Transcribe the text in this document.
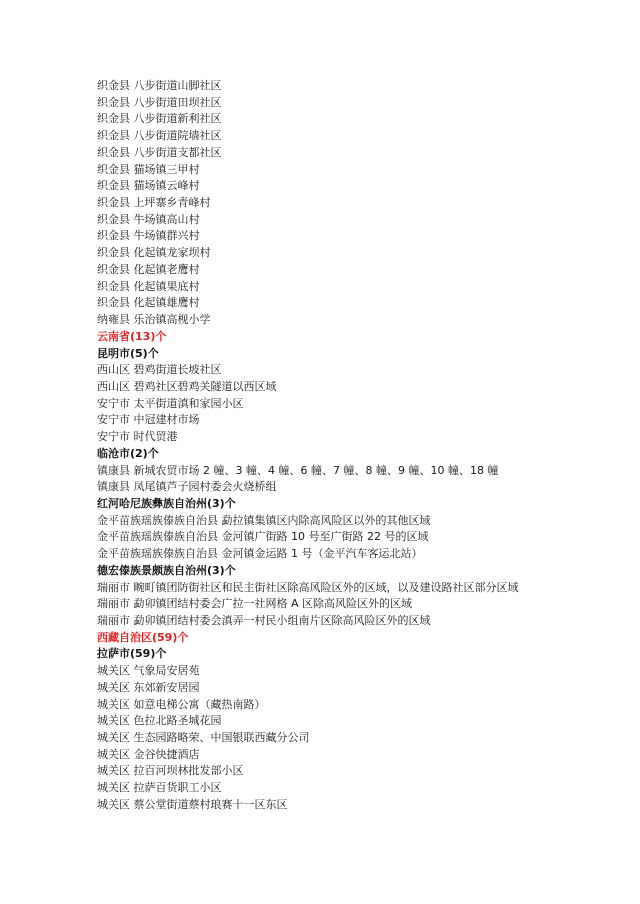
织金县 八步街道山脚社区
织金县 八步街道田坝社区
织金县 八步街道新利社区
织金县 八步街道院墙社区
织金县 八步街道支都社区
织金县 猫场镇三甲村
织金县 猫场镇云峰村
织金县 上坪寨乡青峰村
织金县 牛场镇高山村
织金县 牛场镇群兴村
织金县 化起镇龙家坝村
织金县 化起镇老鹰村
织金县 化起镇果底村
织金县 化起镇雄鹰村
纳雍县 乐治镇高枧小学
云南省(13)个
昆明市(5)个
西山区 碧鸡街道长坡社区
西山区 碧鸡社区碧鸡关隧道以西区域
安宁市 太平街道滇和家园小区
安宁市 中冠建材市场
安宁市 时代贸港
临沧市(2)个
镇康县 新城农贸市场 2 幢、3 幢、4 幢、6 幢、7 幢、8 幢、9 幢、10 幢、18 幢
镇康县 凤尾镇芦子园村委会火烧桥组
红河哈尼族彝族自治州(3)个
金平苗族瑶族傣族自治县 勐拉镇集镇区内除高风险区以外的其他区域
金平苗族瑶族傣族自治县 金河镇广街路 10 号至广街路 22 号的区域
金平苗族瑶族傣族自治县 金河镇金运路 1 号（金平汽车客运北站）
德宏傣族景颇族自治州(3)个
瑞丽市 畹町镇团防街社区和民主街社区除高风险区外的区域，以及建设路社区部分区域
瑞丽市 勐卯镇团结村委会广拉一社网格 A 区除高风险区外的区域
瑞丽市 勐卯镇团结村委会滇弄一村民小组南片区除高风险区外的区域
西藏自治区(59)个
拉萨市(59)个
城关区 气象局安居苑
城关区 东郊新安居园
城关区 如意电梯公寓（藏热南路）
城关区 色拉北路圣城花园
城关区 生态园路略荣、中国银联西藏分公司
城关区 金谷快捷酒店
城关区 拉百河坝林批发部小区
城关区 拉萨百货职工小区
城关区 蔡公堂街道蔡村琅赛十一区东区
